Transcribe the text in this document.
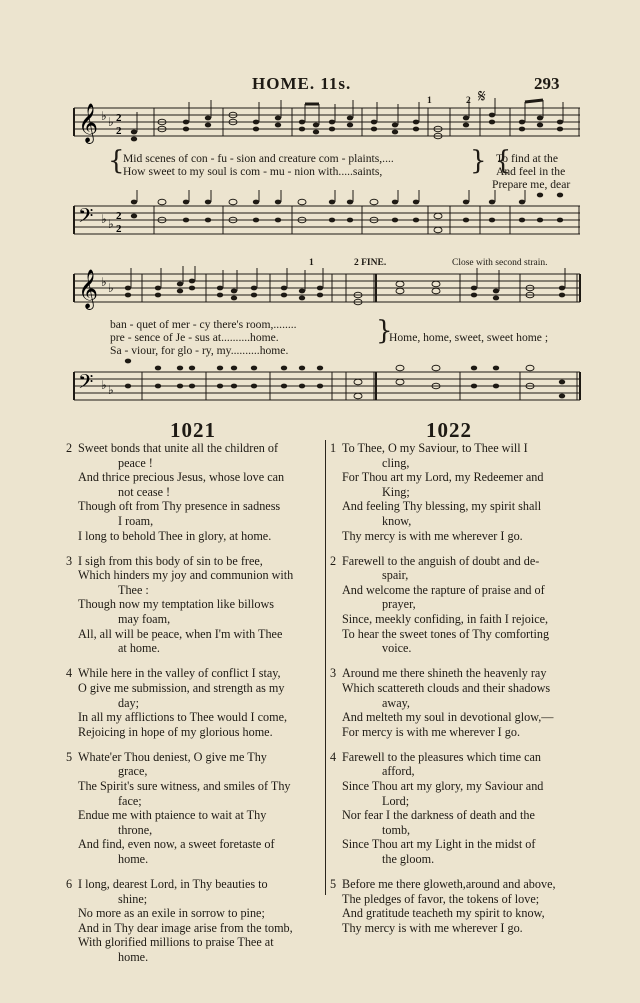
HOME. 11s.	293
𝄞 ♭ ♭ 2
2
1	2 𝄋
{
Mid scenes of con - fu - sion and creature com - plaints,....
How sweet to my soul is com - mu - nion with.....saints,	} {
To find at the
And feel in the
Prepare me, dear
𝄢 ♭ ♭
2
2
1	2 FINE.	Close with second strain.
𝄞 ♭ ♭
ban - quet of mer - cy there's room,........
pre - sence of Je - sus at..........home.
Sa - viour, for glo - ry, my..........home.
}
Home, home, sweet, sweet home ;
𝄢 ♭ ♭
1021	1022
2 Sweet bonds that unite all the children of
peace !
And thrice precious Jesus, whose love can
not cease !
Though oft from Thy presence in sadness
I roam,
I long to behold Thee in glory, at home.
3 I sigh from this body of sin to be free,
Which hinders my joy and communion with
Thee :
Though now my temptation like billows
may foam,
All, all will be peace, when I'm with Thee
at home.
4 While here in the valley of conflict I stay,
O give me submission, and strength as my
day;
In all my afflictions to Thee would I come,
Rejoicing in hope of my glorious home.
5 Whate'er Thou deniest, O give me Thy
grace,
The Spirit's sure witness, and smiles of Thy
face;
Endue me with ptaience to wait at Thy
throne,
And find, even now, a sweet foretaste of
home.
6 I long, dearest Lord, in Thy beauties to
shine;
No more as an exile in sorrow to pine;
And in Thy dear image arise from the tomb,
With glorified millions to praise Thee at
home.
1 To Thee, O my Saviour, to Thee will I
cling,
For Thou art my Lord, my Redeemer and
King;
And feeling Thy blessing, my spirit shall
know,
Thy mercy is with me wherever I go.
2 Farewell to the anguish of doubt and de-
spair,
And welcome the rapture of praise and of
prayer,
Since, meekly confiding, in faith I rejoice,
To hear the sweet tones of Thy comforting
voice.
3 Around me there shineth the heavenly ray
Which scattereth clouds and their shadows
away,
And melteth my soul in devotional glow,—
For mercy is with me wherever I go.
4 Farewell to the pleasures which time can
afford,
Since Thou art my glory, my Saviour and
Lord;
Nor fear I the darkness of death and the
tomb,
Since Thou art my Light in the midst of
the gloom.
5 Before me there gloweth,around and above,
The pledges of favor, the tokens of love;
And gratitude teacheth my spirit to know,
Thy mercy is with me wherever I go.
